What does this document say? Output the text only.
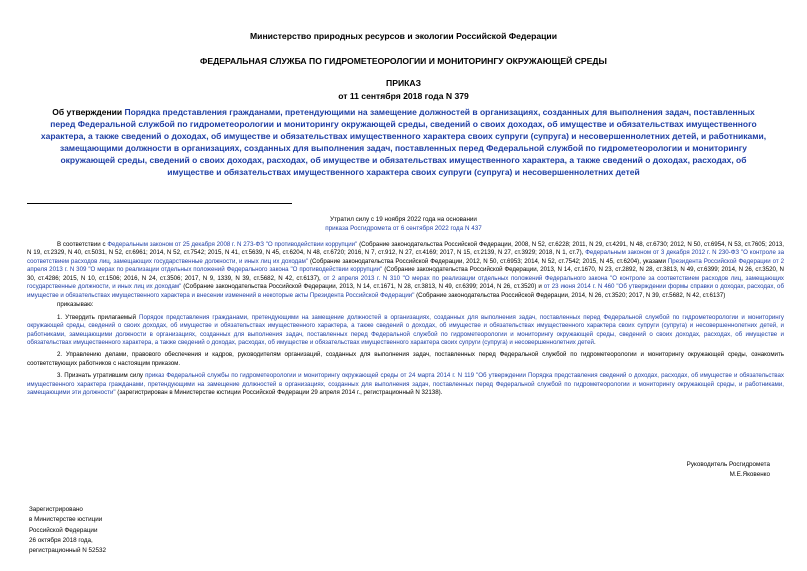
Министерство природных ресурсов и экологии Российской Федерации
ФЕДЕРАЛЬНАЯ СЛУЖБА ПО ГИДРОМЕТЕОРОЛОГИИ И МОНИТОРИНГУ ОКРУЖАЮЩЕЙ СРЕДЫ
ПРИКАЗ
от 11 сентября 2018 года N 379
Об утверждении Порядка представления гражданами, претендующими на замещение должностей в организациях, созданных для выполнения задач, поставленных перед Федеральной службой по гидрометеорологии и мониторингу окружающей среды, сведений о своих доходах, об имуществе и обязательствах имущественного характера, а также сведений о доходах, об имуществе и обязательствах имущественного характера своих супруги (супруга) и несовершеннолетних детей, и работниками, замещающими должности в организациях, созданных для выполнения задач, поставленных перед Федеральной службой по гидрометеорологии и мониторингу окружающей среды, сведений о своих доходах, расходах, об имуществе и обязательствах имущественного характера, а также сведений о доходах, расходах, об имуществе и обязательствах имущественного характера своих супруги (супруга) и несовершеннолетних детей
Утратил силу с 19 ноября 2022 года на основании
приказа Росгидромета от 6 сентября 2022 года N 437

В соответствии с Федеральным законом от 25 декабря 2008 г. N 273-ФЗ "О противодействии коррупции" (Собрание законодательства Российской Федерации, 2008, N 52, ст.6228; 2011, N 29, ст.4291, N 48, ст.6730; 2012, N 50, ст.6954, N 53, ст.7605; 2013, N 19, ст.2329, N 40, ст.5031, N 52, ст.6961; 2014, N 52, ст.7542; 2015, N 41, ст.5639, N 45, ст.6204, N 48, ст.6720; 2016, N 7, ст.912, N 27, ст.4169; 2017, N 15, ст.2139, N 27, ст.3929; 2018, N 1, ст.7), Федеральным законом от 3 декабря 2012 г. N 230-ФЗ "О контроле за соответствием расходов лиц, замещающих государственные должности, и иных лиц их доходам" (Собрание законодательства Российской Федерации, 2012, N 50, ст.6953; 2014, N 52, ст.7542; 2015, N 45, ст.6204), указами Президента Российской Федерации от 2 апреля 2013 г. N 309 "О мерах по реализации отдельных положений Федерального закона "О противодействии коррупции" (Собрание законодательства Российской Федерации, 2013, N 14, ст.1670, N 23, ст.2892, N 28, ст.3813, N 49, ст.6399; 2014, N 26, ст.3520, N 30, ст.4286; 2015, N 10, ст.1506; 2016, N 24, ст.3506; 2017, N 9, 1339, N 39, ст.5682, N 42, ст.6137), от 2 апреля 2013 г. N 310 "О мерах по реализации отдельных положений Федерального закона "О контроле за соответствием расходов лиц, замещающих государственные должности, и иных лиц их доходам" (Собрание законодательства Российской Федерации, 2013, N 14, ст.1671, N 28, ст.3813, N 49, ст.6399; 2014, N 26, ст.3520) и от 23 июня 2014 г. N 460 "Об утверждении формы справки о доходах, расходах, об имуществе и обязательствах имущественного характера и внесении изменений в некоторые акты Президента Российской Федерации" (Собрание законодательства Российской Федерации, 2014, N 26, ст.3520; 2017, N 39, ст.5682, N 42, ст.6137)

приказываю:

1. Утвердить прилагаемый Порядок представления гражданами, претендующими на замещение должностей в организациях, созданных для выполнения задач, поставленных перед Федеральной службой по гидрометеорологии и мониторингу окружающей среды, сведений о своих доходах, об имуществе и обязательствах имущественного характера, а также сведений о доходах, об имуществе и обязательствах имущественного характера своих супруги (супруга) и несовершеннолетних детей, и работниками, замещающими должности в организациях, созданных для выполнения задач, поставленных перед Федеральной службой по гидрометеорологии и мониторингу окружающей среды, сведений о своих доходах, расходах, об имуществе и обязательствах имущественного характера, а также сведений о доходах, расходах, об имуществе и обязательствах имущественного характера своих супруги (супруга) и несовершеннолетних детей.

2. Управлению делами, правового обеспечения и кадров, руководителям организаций, созданных для выполнения задач, поставленных перед Федеральной службой по гидрометеорологии и мониторингу окружающей среды, ознакомить соответствующих работников с настоящим приказом.

3. Признать утратившим силу приказ Федеральной службы по гидрометеорологии и мониторингу окружающей среды от 24 марта 2014 г. N 119 "Об утверждении Порядка представления сведений о доходах, расходах, об имуществе и обязательствах имущественного характера гражданами, претендующими на замещение должностей в организациях, созданных для выполнения задач, поставленных перед Федеральной службой по гидрометеорологии и мониторингу окружающей среды, и работниками, замещающими эти должности" (зарегистрирован в Министерстве юстиции Российской Федерации 29 апреля 2014 г., регистрационный N 32138).

Руководитель Росгидромета
М.Е.Яковенко
Зарегистрировано
в Министерстве юстиции
Российской Федерации
26 октября 2018 года,
регистрационный N 52532
